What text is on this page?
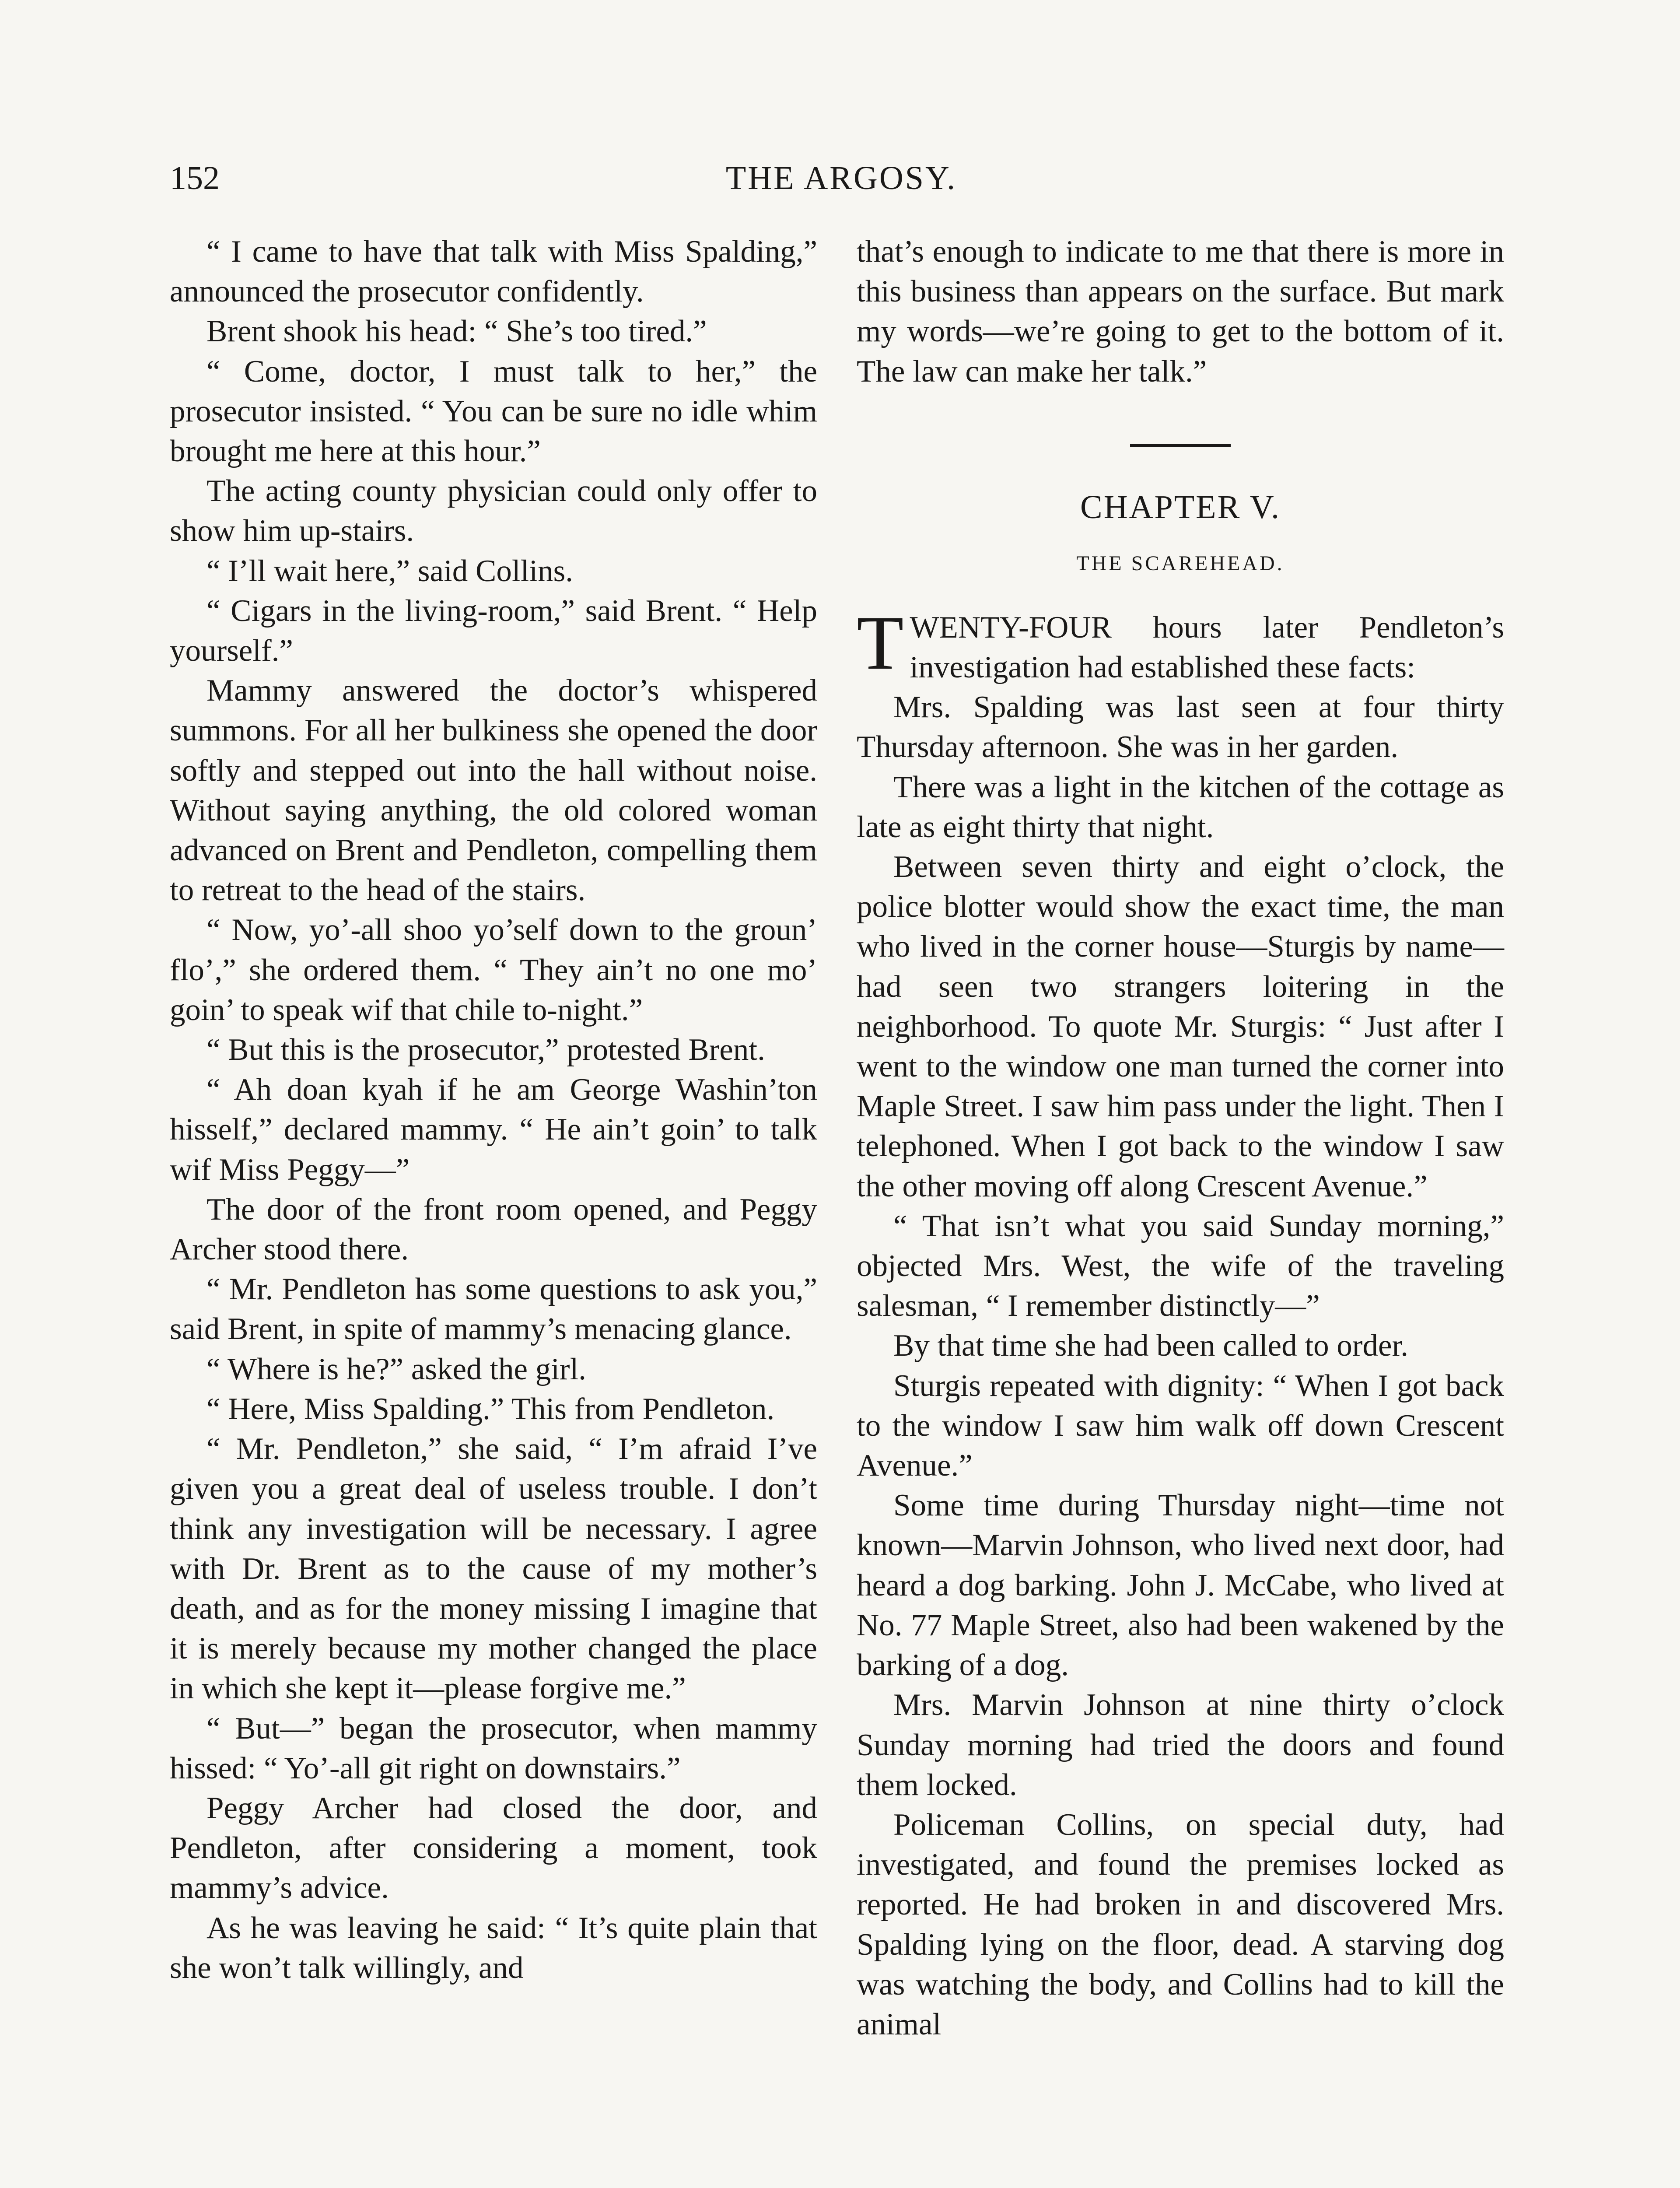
152	THE ARGOSY.

“ I came to have that talk with Miss Spalding,” announced the prosecutor confidently.

Brent shook his head: “ She’s too tired.”

“ Come, doctor, I must talk to her,” the prosecutor insisted. “ You can be sure no idle whim brought me here at this hour.”

The acting county physician could only offer to show him up-stairs.

“ I’ll wait here,” said Collins.

“ Cigars in the living-room,” said Brent. “ Help yourself.”

Mammy answered the doctor’s whispered summons. For all her bulkiness she opened the door softly and stepped out into the hall without noise. Without saying anything, the old colored woman advanced on Brent and Pendleton, compelling them to retreat to the head of the stairs.

“ Now, yo’-all shoo yo’self down to the groun’ flo’,” she ordered them. “ They ain’t no one mo’ goin’ to speak wif that chile to-night.”

“ But this is the prosecutor,” protested Brent.

“ Ah doan kyah if he am George Washin’ton hisself,” declared mammy. “ He ain’t goin’ to talk wif Miss Peggy—”

The door of the front room opened, and Peggy Archer stood there.

“ Mr. Pendleton has some questions to ask you,” said Brent, in spite of mammy’s menacing glance.

“ Where is he?” asked the girl.

“ Here, Miss Spalding.” This from Pendleton.

“ Mr. Pendleton,” she said, “ I’m afraid I’ve given you a great deal of useless trouble. I don’t think any investigation will be necessary. I agree with Dr. Brent as to the cause of my mother’s death, and as for the money missing I imagine that it is merely because my mother changed the place in which she kept it—please forgive me.”

“ But—” began the prosecutor, when mammy hissed: “ Yo’-all git right on downstairs.”

Peggy Archer had closed the door, and Pendleton, after considering a moment, took mammy’s advice.

As he was leaving he said: “ It’s quite plain that she won’t talk willingly, and

that’s enough to indicate to me that there is more in this business than appears on the surface. But mark my words—we’re going to get to the bottom of it. The law can make her talk.”

CHAPTER V.
THE SCAREHEAD.

TWENTY-FOUR hours later Pendleton’s investigation had established these facts:

Mrs. Spalding was last seen at four thirty Thursday afternoon. She was in her garden.

There was a light in the kitchen of the cottage as late as eight thirty that night.

Between seven thirty and eight o’clock, the police blotter would show the exact time, the man who lived in the corner house—Sturgis by name—had seen two strangers loitering in the neighborhood. To quote Mr. Sturgis: “ Just after I went to the window one man turned the corner into Maple Street. I saw him pass under the light. Then I telephoned. When I got back to the window I saw the other moving off along Crescent Avenue.”

“ That isn’t what you said Sunday morning,” objected Mrs. West, the wife of the traveling salesman, “ I remember distinctly—”

By that time she had been called to order.

Sturgis repeated with dignity: “ When I got back to the window I saw him walk off down Crescent Avenue.”

Some time during Thursday night—time not known—Marvin Johnson, who lived next door, had heard a dog barking. John J. McCabe, who lived at No. 77 Maple Street, also had been wakened by the barking of a dog.

Mrs. Marvin Johnson at nine thirty o’clock Sunday morning had tried the doors and found them locked.

Policeman Collins, on special duty, had investigated, and found the premises locked as reported. He had broken in and discovered Mrs. Spalding lying on the floor, dead. A starving dog was watching the body, and Collins had to kill the animal
